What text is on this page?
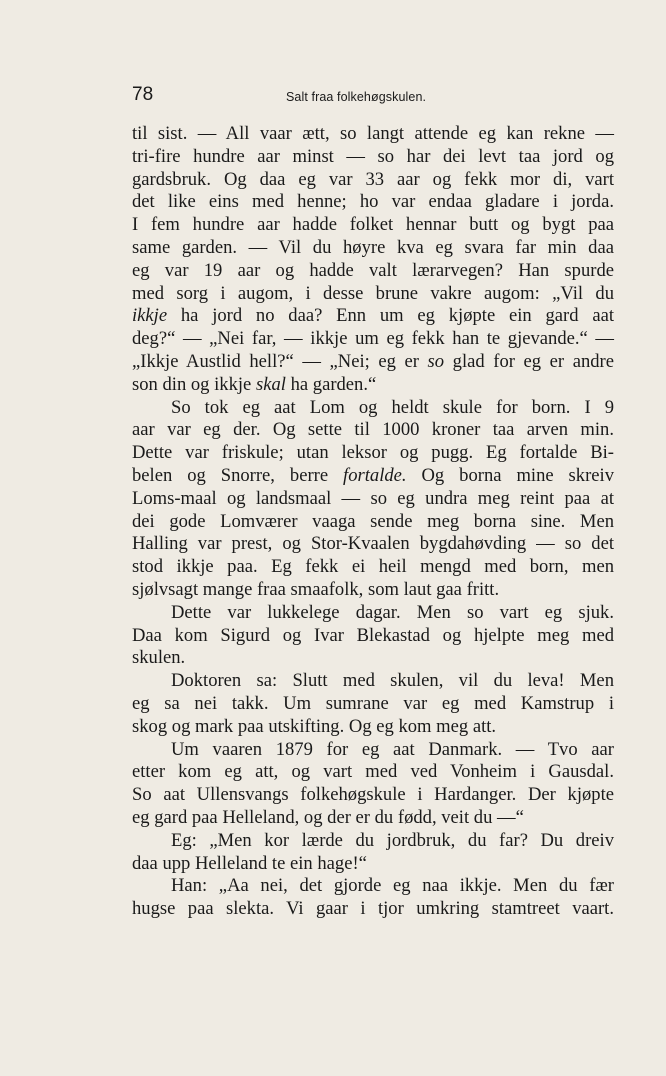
78	Salt fraa folkehøgskulen.
til sist. — All vaar ætt, so langt attende eg kan rekne —
tri-fire hundre aar minst — so har dei levt taa jord og
gardsbruk. Og daa eg var 33 aar og fekk mor di, vart
det like eins med henne; ho var endaa gladare i jorda.
I fem hundre aar hadde folket hennar butt og bygt paa
same garden. — Vil du høyre kva eg svara far min daa
eg var 19 aar og hadde valt lærarvegen? Han spurde
med sorg i augom, i desse brune vakre augom: „Vil du
ikkje ha jord no daa? Enn um eg kjøpte ein gard aat
deg?“ — „Nei far, — ikkje um eg fekk han te gjevande.“ —
„Ikkje Austlid hell?“ — „Nei; eg er so glad for eg er andre
son din og ikkje skal ha garden.“
So tok eg aat Lom og heldt skule for born. I 9
aar var eg der. Og sette til 1000 kroner taa arven min.
Dette var friskule; utan leksor og pugg. Eg fortalde Bi-
belen og Snorre, berre fortalde. Og borna mine skreiv
Loms-maal og landsmaal — so eg undra meg reint paa at
dei gode Lomværer vaaga sende meg borna sine. Men
Halling var prest, og Stor-Kvaalen bygdahøvding — so det
stod ikkje paa. Eg fekk ei heil mengd med born, men
sjølvsagt mange fraa smaafolk, som laut gaa fritt.
Dette var lukkelege dagar. Men so vart eg sjuk.
Daa kom Sigurd og Ivar Blekastad og hjelpte meg med
skulen.
Doktoren sa: Slutt med skulen, vil du leva! Men
eg sa nei takk. Um sumrane var eg med Kamstrup i
skog og mark paa utskifting. Og eg kom meg att.
Um vaaren 1879 for eg aat Danmark. — Tvo aar
etter kom eg att, og vart med ved Vonheim i Gausdal.
So aat Ullensvangs folkehøgskule i Hardanger. Der kjøpte
eg gard paa Helleland, og der er du fødd, veit du —“
Eg: „Men kor lærde du jordbruk, du far? Du dreiv
daa upp Helleland te ein hage!“
Han: „Aa nei, det gjorde eg naa ikkje. Men du fær
hugse paa slekta. Vi gaar i tjor umkring stamtreet vaart.
